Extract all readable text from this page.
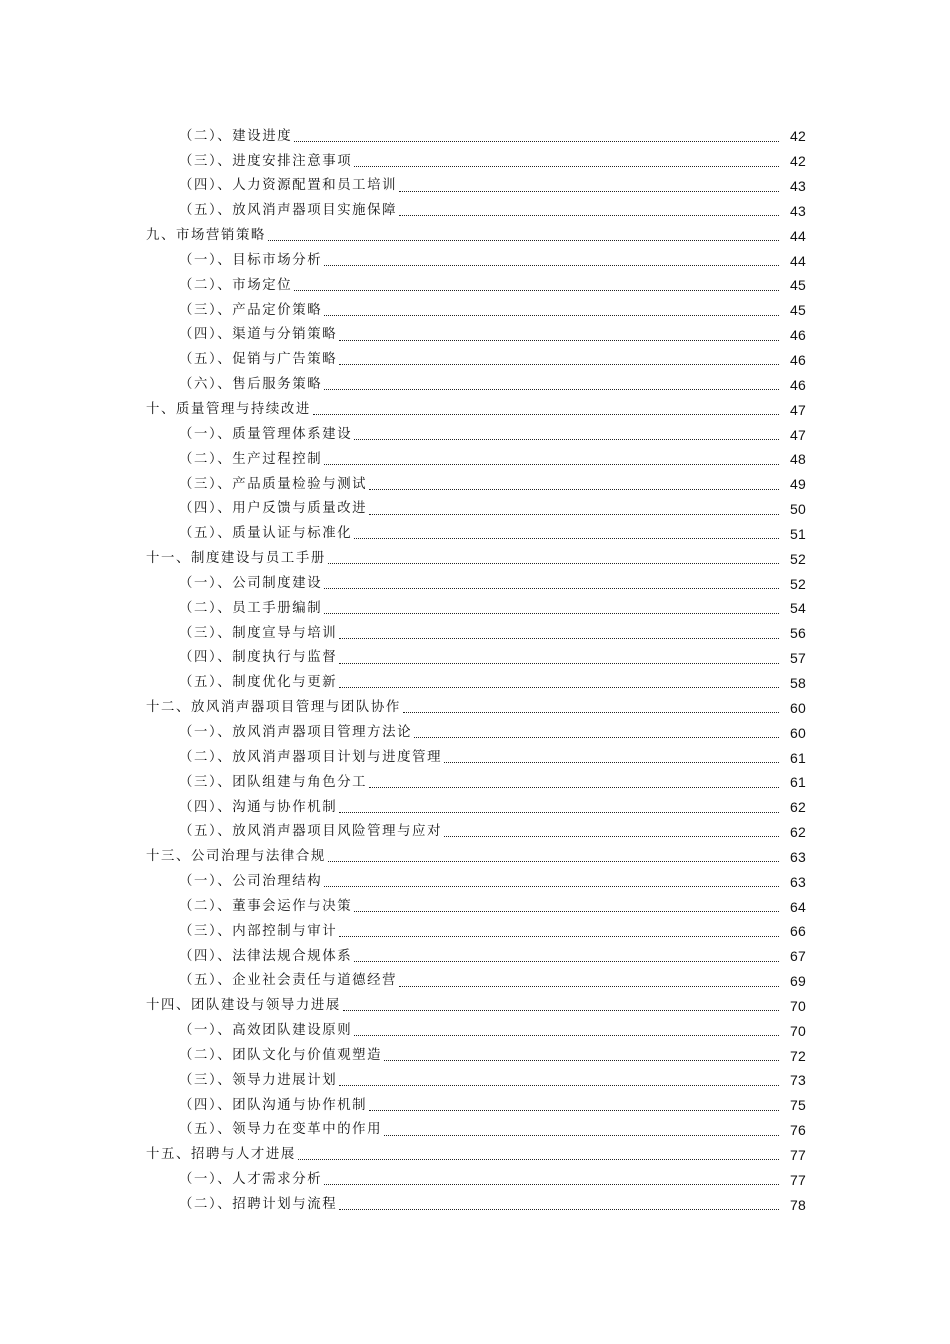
（二）、建设进度	42
（三）、进度安排注意事项	42
（四）、人力资源配置和员工培训	43
（五）、放风消声器项目实施保障	43
九、市场营销策略	44
（一）、目标市场分析	44
（二）、市场定位	45
（三）、产品定价策略	45
（四）、渠道与分销策略	46
（五）、促销与广告策略	46
（六）、售后服务策略	46
十、质量管理与持续改进	47
（一）、质量管理体系建设	47
（二）、生产过程控制	48
（三）、产品质量检验与测试	49
（四）、用户反馈与质量改进	50
（五）、质量认证与标准化	51
十一、制度建设与员工手册	52
（一）、公司制度建设	52
（二）、员工手册编制	54
（三）、制度宣导与培训	56
（四）、制度执行与监督	57
（五）、制度优化与更新	58
十二、放风消声器项目管理与团队协作	60
（一）、放风消声器项目管理方法论	60
（二）、放风消声器项目计划与进度管理	61
（三）、团队组建与角色分工	61
（四）、沟通与协作机制	62
（五）、放风消声器项目风险管理与应对	62
十三、公司治理与法律合规	63
（一）、公司治理结构	63
（二）、董事会运作与决策	64
（三）、内部控制与审计	66
（四）、法律法规合规体系	67
（五）、企业社会责任与道德经营	69
十四、团队建设与领导力进展	70
（一）、高效团队建设原则	70
（二）、团队文化与价值观塑造	72
（三）、领导力进展计划	73
（四）、团队沟通与协作机制	75
（五）、领导力在变革中的作用	76
十五、招聘与人才进展	77
（一）、人才需求分析	77
（二）、招聘计划与流程	78
